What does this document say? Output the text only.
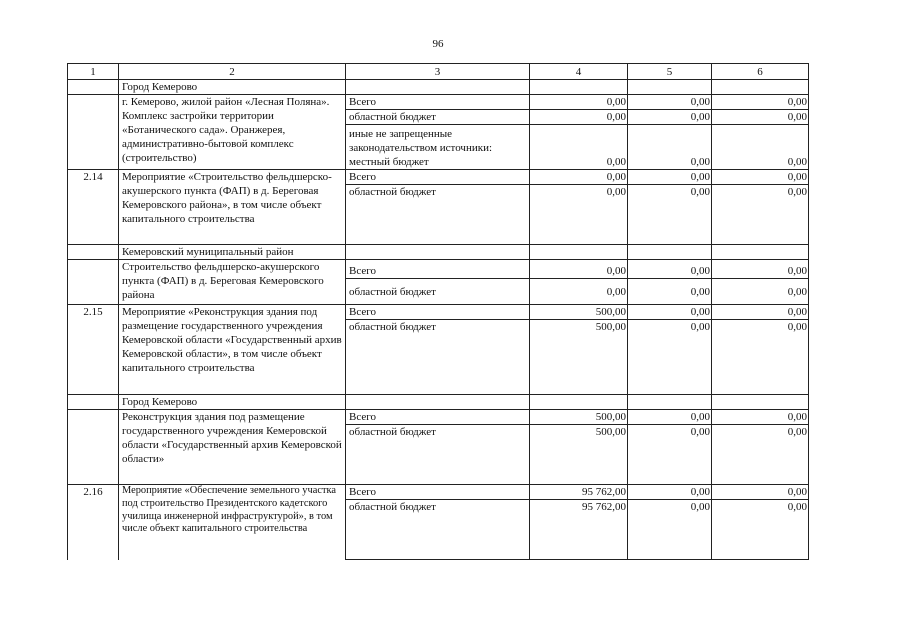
96
1	2	3	4	5	6
	Город Кемерово				
	г. Кемерово, жилой район «Лесная Поляна». Комплекс застройки территории «Ботанического сада». Оранжерея, административно-бытовой комплекс (строительство)	Всего	0,00	0,00	0,00
		областной бюджет	0,00	0,00	0,00
		иные не запрещенные законодательством источники: местный бюджет	0,00	0,00	0,00
2.14	Мероприятие «Строительство фельдшерско-акушерского пункта (ФАП) в д. Береговая Кемеровского района», в том числе объект капитального строительства	Всего	0,00	0,00	0,00
		областной бюджет	0,00	0,00	0,00
	Кемеровский муниципальный район				
	Строительство фельдшерско-акушерского пункта (ФАП) в д. Береговая Кемеровского района	Всего	0,00	0,00	0,00
		областной бюджет	0,00	0,00	0,00
2.15	Мероприятие «Реконструкция здания под размещение государственного учреждения Кемеровской области «Государственный архив Кемеровской области», в том числе объект капитального строительства	Всего	500,00	0,00	0,00
		областной бюджет	500,00	0,00	0,00
	Город Кемерово				
	Реконструкция здания под размещение государственного учреждения Кемеровской области «Государственный архив Кемеровской области»	Всего	500,00	0,00	0,00
		областной бюджет	500,00	0,00	0,00
2.16	Мероприятие «Обеспечение земельного участка под строительство Президентского кадетского училища инженерной инфраструктурой», в том числе объект капитального строительства	Всего	95 762,00	0,00	0,00
		областной бюджет	95 762,00	0,00	0,00
